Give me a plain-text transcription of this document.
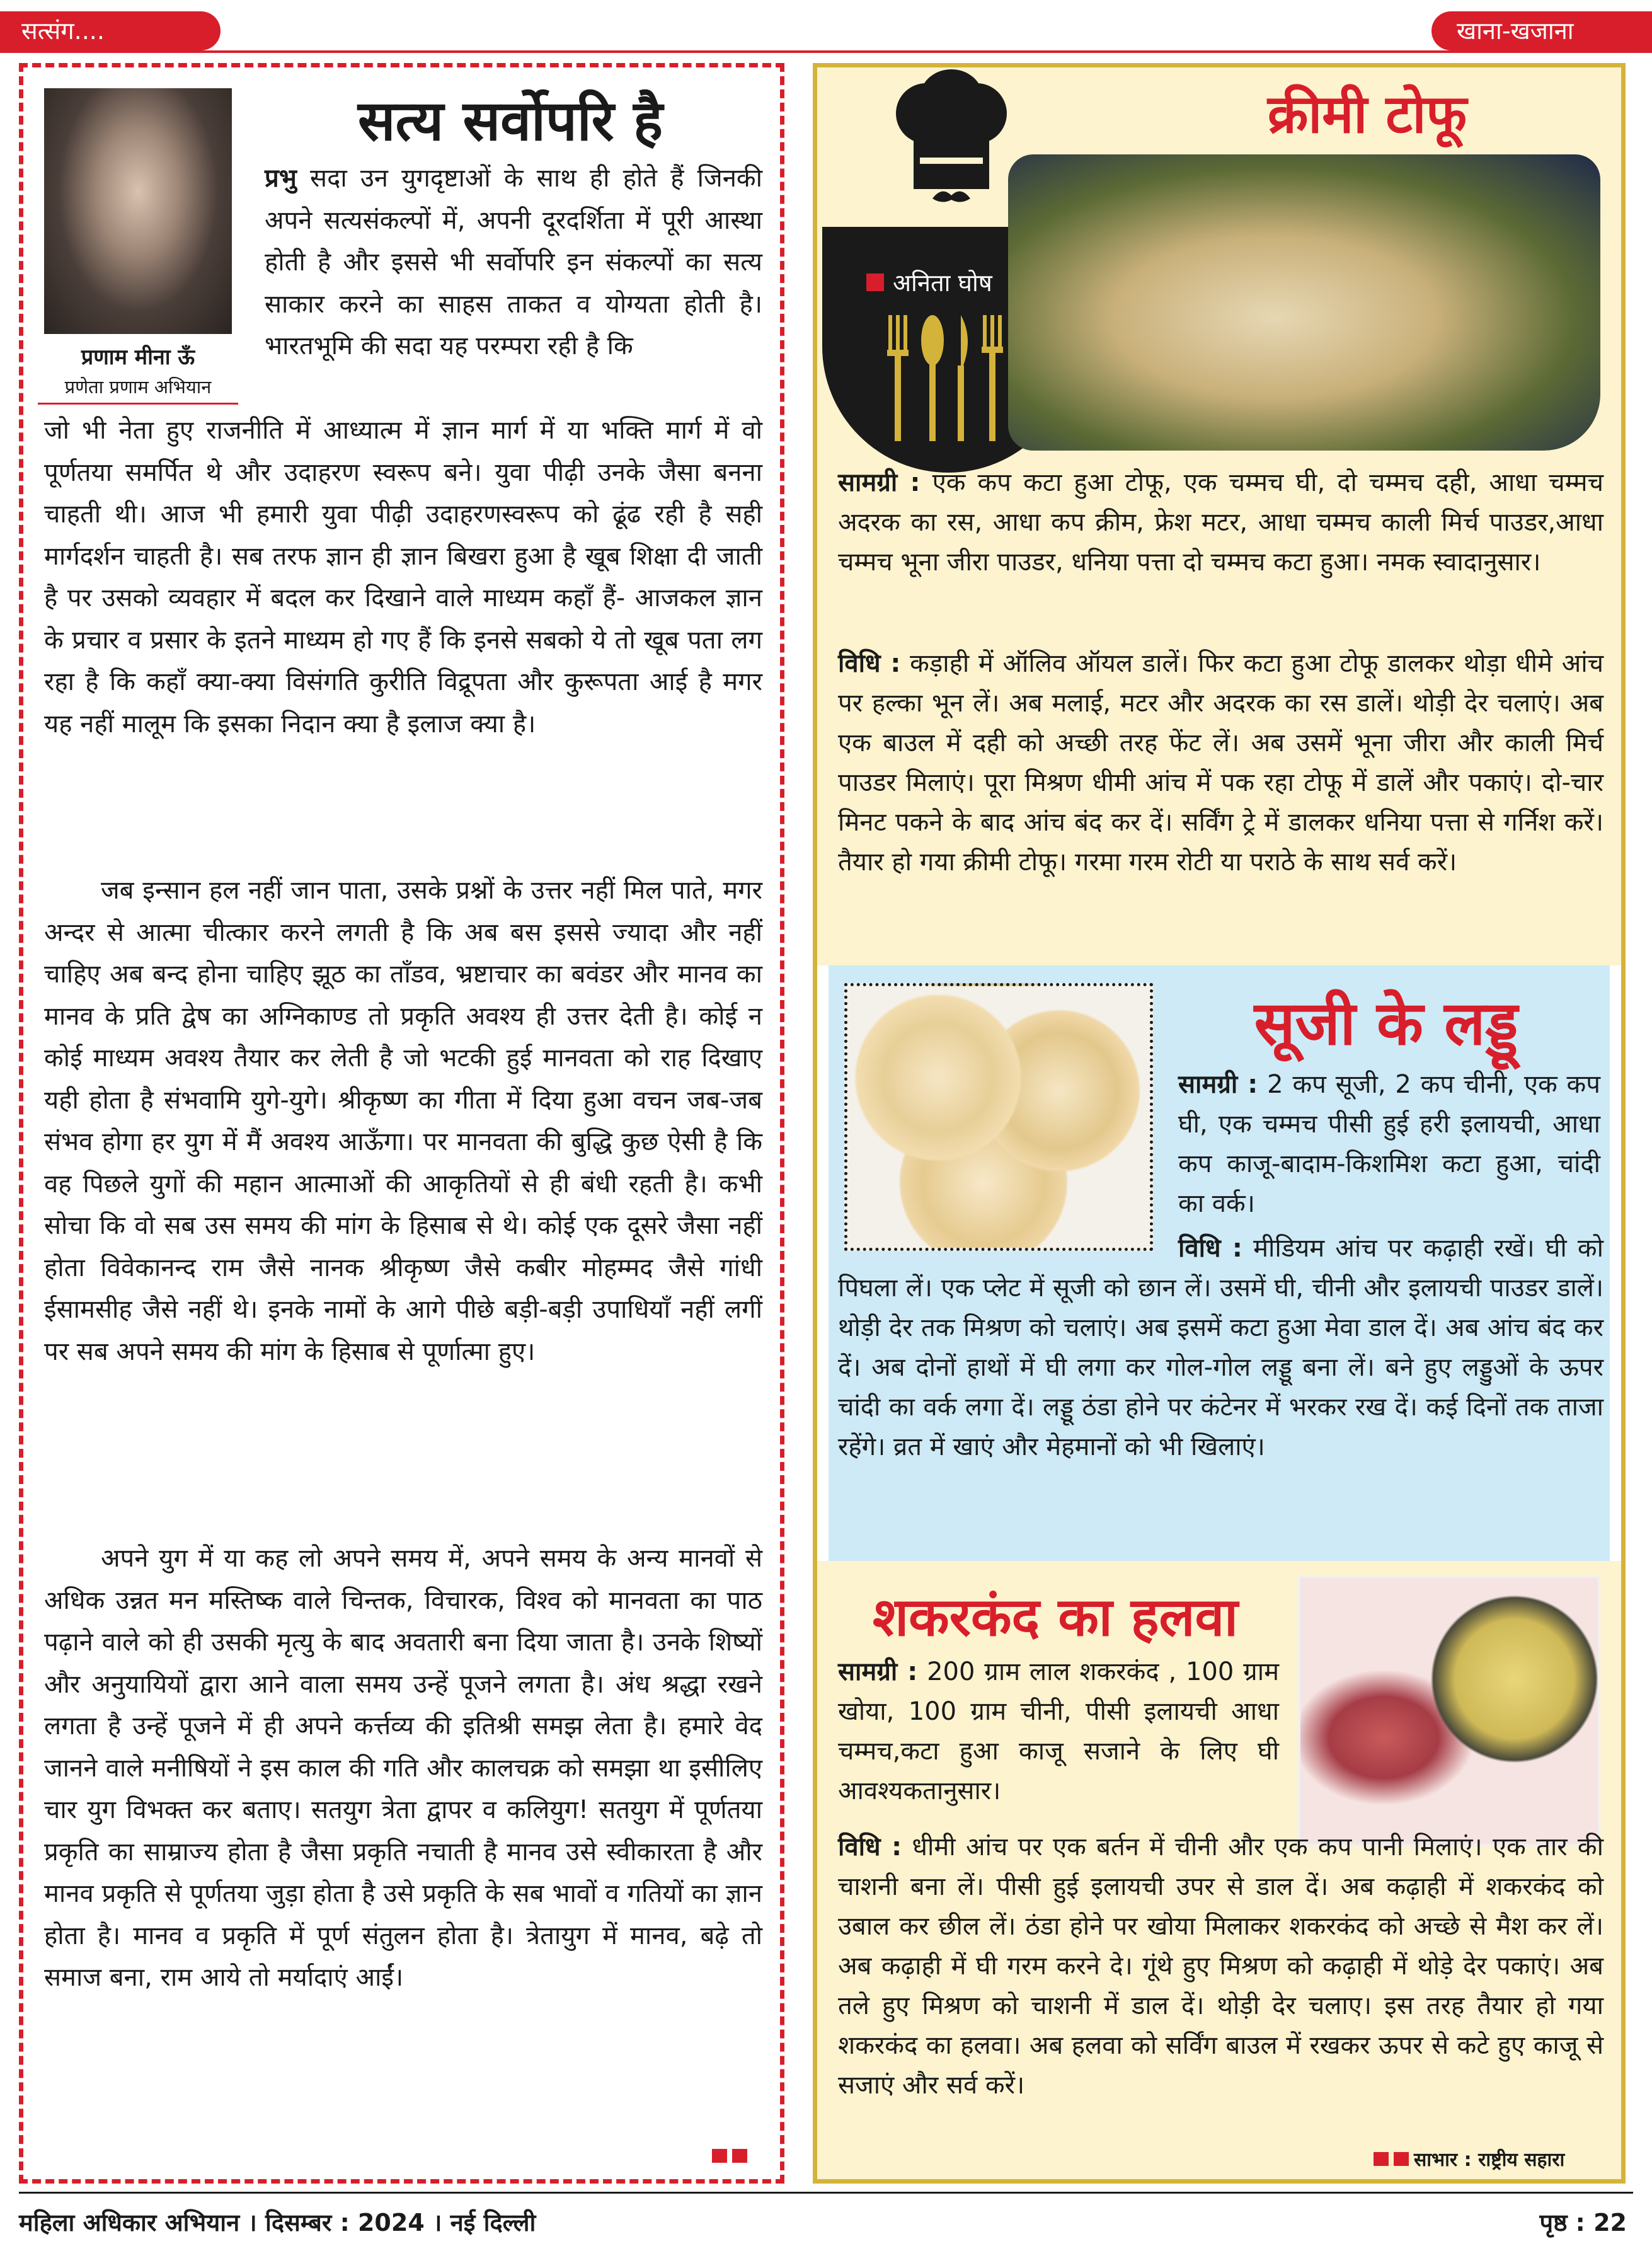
सत्संग....	खाना-खजाना
प्रणाम मीना ऊँ
प्रणेता प्रणाम अभियान
सत्य सर्वोपरि है
प्रभु सदा उन युगदृष्टाओं के साथ ही होते हैं जिनकी अपने सत्यसंकल्पों में, अपनी दूरदर्शिता में पूरी आस्था होती है और इससे भी सर्वोपरि इन संकल्पों का सत्य साकार करने का साहस ताकत व योग्यता होती है। भारतभूमि की सदा यह परम्परा रही है कि
जो भी नेता हुए राजनीति में आध्यात्म में ज्ञान मार्ग में या भक्ति मार्ग में वो पूर्णतया समर्पित थे और उदाहरण स्वरूप बने। युवा पीढ़ी उनके जैसा बनना चाहती थी। आज भी हमारी युवा पीढ़ी उदाहरणस्वरूप को ढूंढ रही है सही मार्गदर्शन चाहती है। सब तरफ ज्ञान ही ज्ञान बिखरा हुआ है खूब शिक्षा दी जाती है पर उसको व्यवहार में बदल कर दिखाने वाले माध्यम कहाँ हैं- आजकल ज्ञान के प्रचार व प्रसार के इतने माध्यम हो गए हैं कि इनसे सबको ये तो खूब पता लग रहा है कि कहाँ क्या-क्या विसंगति कुरीति विद्रूपता और कुरूपता आई है मगर यह नहीं मालूम कि इसका निदान क्या है इलाज क्या है।
जब इन्सान हल नहीं जान पाता, उसके प्रश्नों के उत्तर नहीं मिल पाते, मगर अन्दर से आत्मा चीत्कार करने लगती है कि अब बस इससे ज्यादा और नहीं चाहिए अब बन्द होना चाहिए झूठ का ताँडव, भ्रष्टाचार का बवंडर और मानव का मानव के प्रति द्वेष का अग्निकाण्ड तो प्रकृति अवश्य ही उत्तर देती है। कोई न कोई माध्यम अवश्य तैयार कर लेती है जो भटकी हुई मानवता को राह दिखाए यही होता है संभवामि युगे-युगे। श्रीकृष्ण का गीता में दिया हुआ वचन जब-जब संभव होगा हर युग में मैं अवश्य आऊँगा। पर मानवता की बुद्धि कुछ ऐसी है कि वह पिछले युगों की महान आत्माओं की आकृतियों से ही बंधी रहती है। कभी सोचा कि वो सब उस समय की मांग के हिसाब से थे। कोई एक दूसरे जैसा नहीं होता विवेकानन्द राम जैसे नानक श्रीकृष्ण जैसे कबीर मोहम्मद जैसे गांधी ईसामसीह जैसे नहीं थे। इनके नामों के आगे पीछे बड़ी-बड़ी उपाधियाँ नहीं लगीं पर सब अपने समय की मांग के हिसाब से पूर्णात्मा हुए।
अपने युग में या कह लो अपने समय में, अपने समय के अन्य मानवों से अधिक उन्नत मन मस्तिष्क वाले चिन्तक, विचारक, विश्व को मानवता का पाठ पढ़ाने वाले को ही उसकी मृत्यु के बाद अवतारी बना दिया जाता है। उनके शिष्यों और अनुयायियों द्वारा आने वाला समय उन्हें पूजने लगता है। अंध श्रद्धा रखने लगता है उन्हें पूजने में ही अपने कर्त्तव्य की इतिश्री समझ लेता है। हमारे वेद जानने वाले मनीषियों ने इस काल की गति और कालचक्र को समझा था इसीलिए चार युग विभक्त कर बताए। सतयुग त्रेता द्वापर व कलियुग! सतयुग में पूर्णतया प्रकृति का साम्राज्य होता है जैसा प्रकृति नचाती है मानव उसे स्वीकारता है और मानव प्रकृति से पूर्णतया जुड़ा होता है उसे प्रकृति के सब भावों व गतियों का ज्ञान होता है। मानव व प्रकृति में पूर्ण संतुलन होता है। त्रेतायुग में मानव, बढ़े तो समाज बना, राम आये तो मर्यादाएं आईं।
अनिता घोष
क्रीमी टोफू
सामग्री : एक कप कटा हुआ टोफू, एक चम्मच घी, दो चम्मच दही, आधा चम्मच अदरक का रस, आधा कप क्रीम, फ्रेश मटर, आधा चम्मच काली मिर्च पाउडर,आधा चम्मच भूना जीरा पाउडर, धनिया पत्ता दो चम्मच कटा हुआ। नमक स्वादानुसार।
विधि : कड़ाही में ऑलिव ऑयल डालें। फिर कटा हुआ टोफू डालकर थोड़ा धीमे आंच पर हल्का भून लें। अब मलाई, मटर और अदरक का रस डालें। थोड़ी देर चलाएं। अब एक बाउल में दही को अच्छी तरह फेंट लें। अब उसमें भूना जीरा और काली मिर्च पाउडर मिलाएं। पूरा मिश्रण धीमी आंच में पक रहा टोफू में डालें और पकाएं। दो-चार मिनट पकने के बाद आंच बंद कर दें। सर्विंग ट्रे में डालकर धनिया पत्ता से गर्निश करें। तैयार हो गया क्रीमी टोफू। गरमा गरम रोटी या पराठे के साथ सर्व करें।
सूजी के लड्डू
सामग्री : 2 कप सूजी, 2 कप चीनी, एक कप घी, एक चम्मच पीसी हुई हरी इलायची, आधा कप काजू-बादाम-किशमिश कटा हुआ, चांदी का वर्क।
विधि : मीडियम आंच पर कढ़ाही रखें। घी को पिघला लें। एक प्लेट में सूजी को छान लें। उसमें घी, चीनी और इलायची पाउडर डालें। थोड़ी देर तक मिश्रण को चलाएं। अब इसमें कटा हुआ मेवा डाल दें। अब आंच बंद कर दें। अब दोनों हाथों में घी लगा कर गोल-गोल लड्डू बना लें। बने हुए लड्डुओं के ऊपर चांदी का वर्क लगा दें। लड्डू ठंडा होने पर कंटेनर में भरकर रख दें। कई दिनों तक ताजा रहेंगे। व्रत में खाएं और मेहमानों को भी खिलाएं।
शकरकंद का हलवा
सामग्री : 200 ग्राम लाल शकरकंद , 100 ग्राम खोया, 100 ग्राम चीनी, पीसी इलायची आधा चम्मच,कटा हुआ काजू सजाने के लिए घी आवश्यकतानुसार।
विधि : धीमी आंच पर एक बर्तन में चीनी और एक कप पानी मिलाएं। एक तार की चाशनी बना लें। पीसी हुई इलायची उपर से डाल दें। अब कढ़ाही में शकरकंद को उबाल कर छील लें। ठंडा होने पर खोया मिलाकर शकरकंद को अच्छे से मैश कर लें। अब कढ़ाही में घी गरम करने दे। गूंथे हुए मिश्रण को कढ़ाही में थोड़े देर पकाएं। अब तले हुए मिश्रण को चाशनी में डाल दें। थोड़ी देर चलाए। इस तरह तैयार हो गया शकरकंद का हलवा। अब हलवा को सर्विंग बाउल में रखकर ऊपर से कटे हुए काजू से सजाएं और सर्व करें।
साभार : राष्ट्रीय सहारा
महिला अधिकार अभियान । दिसम्बर : 2024 । नई दिल्ली	पृष्ठ : 22
